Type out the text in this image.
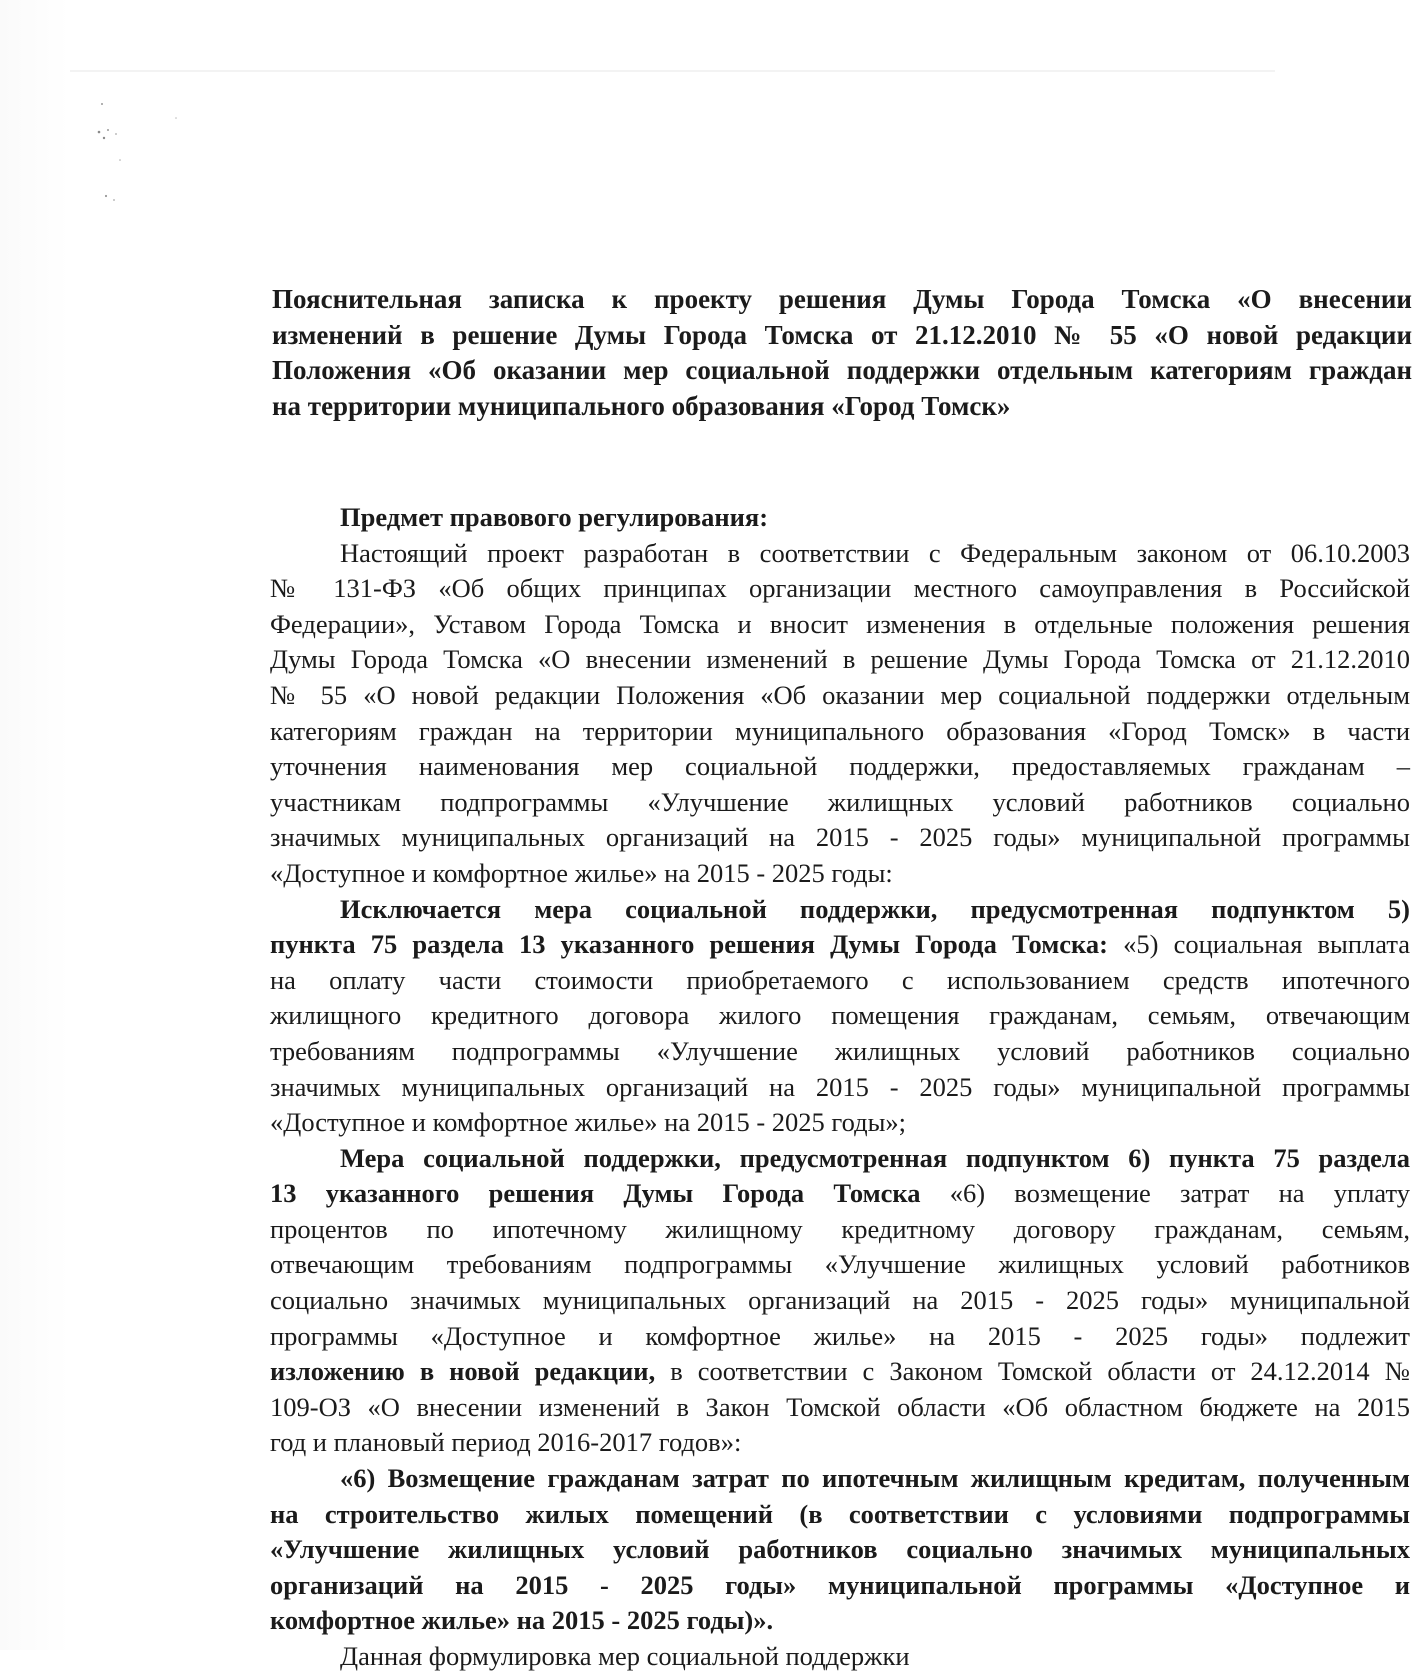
Пояснительная записка к проекту решения Думы Города Томска «О внесении
изменений в решение Думы Города Томска от 21.12.2010 № 55 «О новой редакции
Положения «Об оказании мер социальной поддержки отдельным категориям граждан
на территории муниципального образования «Город Томск»
Предмет правового регулирования:
Настоящий проект разработан в соответствии с Федеральным законом от 06.10.2003
№ 131-ФЗ «Об общих принципах организации местного самоуправления в Российской
Федерации», Уставом Города Томска и вносит изменения в отдельные положения решения
Думы Города Томска «О внесении изменений в решение Думы Города Томска от 21.12.2010
№ 55 «О новой редакции Положения «Об оказании мер социальной поддержки отдельным
категориям граждан на территории муниципального образования «Город Томск» в части
уточнения наименования мер социальной поддержки, предоставляемых гражданам –
участникам подпрограммы «Улучшение жилищных условий работников социально
значимых муниципальных организаций на 2015 - 2025 годы» муниципальной программы
«Доступное и комфортное жилье» на 2015 - 2025 годы:
Исключается мера социальной поддержки, предусмотренная подпунктом 5)
пункта 75 раздела 13 указанного решения Думы Города Томска: «5) социальная выплата
на оплату части стоимости приобретаемого с использованием средств ипотечного
жилищного кредитного договора жилого помещения гражданам, семьям, отвечающим
требованиям подпрограммы «Улучшение жилищных условий работников социально
значимых муниципальных организаций на 2015 - 2025 годы» муниципальной программы
«Доступное и комфортное жилье» на 2015 - 2025 годы»;
Мера социальной поддержки, предусмотренная подпунктом 6) пункта 75 раздела
13 указанного решения Думы Города Томска «6) возмещение затрат на уплату
процентов по ипотечному жилищному кредитному договору гражданам, семьям,
отвечающим требованиям подпрограммы «Улучшение жилищных условий работников
социально значимых муниципальных организаций на 2015 - 2025 годы» муниципальной
программы «Доступное и комфортное жилье» на 2015 - 2025 годы» подлежит
изложению в новой редакции, в соответствии с Законом Томской области от 24.12.2014 №
109-ОЗ «О внесении изменений в Закон Томской области «Об областном бюджете на 2015
год и плановый период 2016-2017 годов»:
«6) Возмещение гражданам затрат по ипотечным жилищным кредитам, полученным
на строительство жилых помещений (в соответствии с условиями подпрограммы
«Улучшение жилищных условий работников социально значимых муниципальных
организаций на 2015 - 2025 годы» муниципальной программы «Доступное и
комфортное жилье» на 2015 - 2025 годы)».
Данная формулировка мер социальной поддержки
